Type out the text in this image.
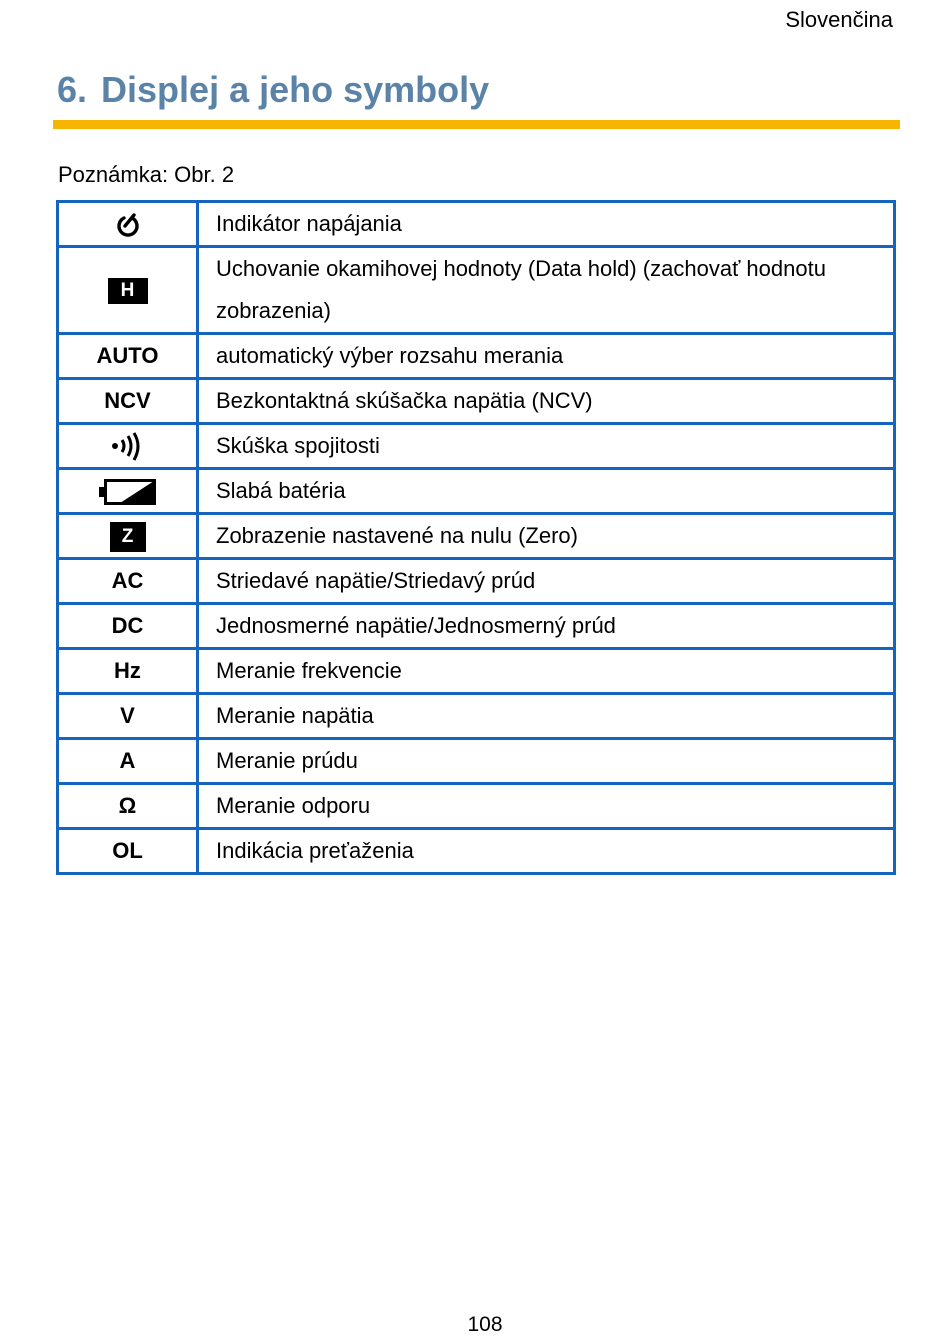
Slovenčina
6. Displej a jeho symboly
Poznámka: Obr. 2
	Indikátor napájania
H	Uchovanie okamihovej hodnoty (Data hold) (zachovať hodnotu zobrazenia)
AUTO	automatický výber rozsahu merania
NCV	Bezkontaktná skúšačka napätia (NCV)
	Skúška spojitosti
	Slabá batéria
Z	Zobrazenie nastavené na nulu (Zero)
AC	Striedavé napätie/Striedavý prúd
DC	Jednosmerné napätie/Jednosmerný prúd
Hz	Meranie frekvencie
V	Meranie napätia
A	Meranie prúdu
Ω	Meranie odporu
OL	Indikácia preťaženia
108
